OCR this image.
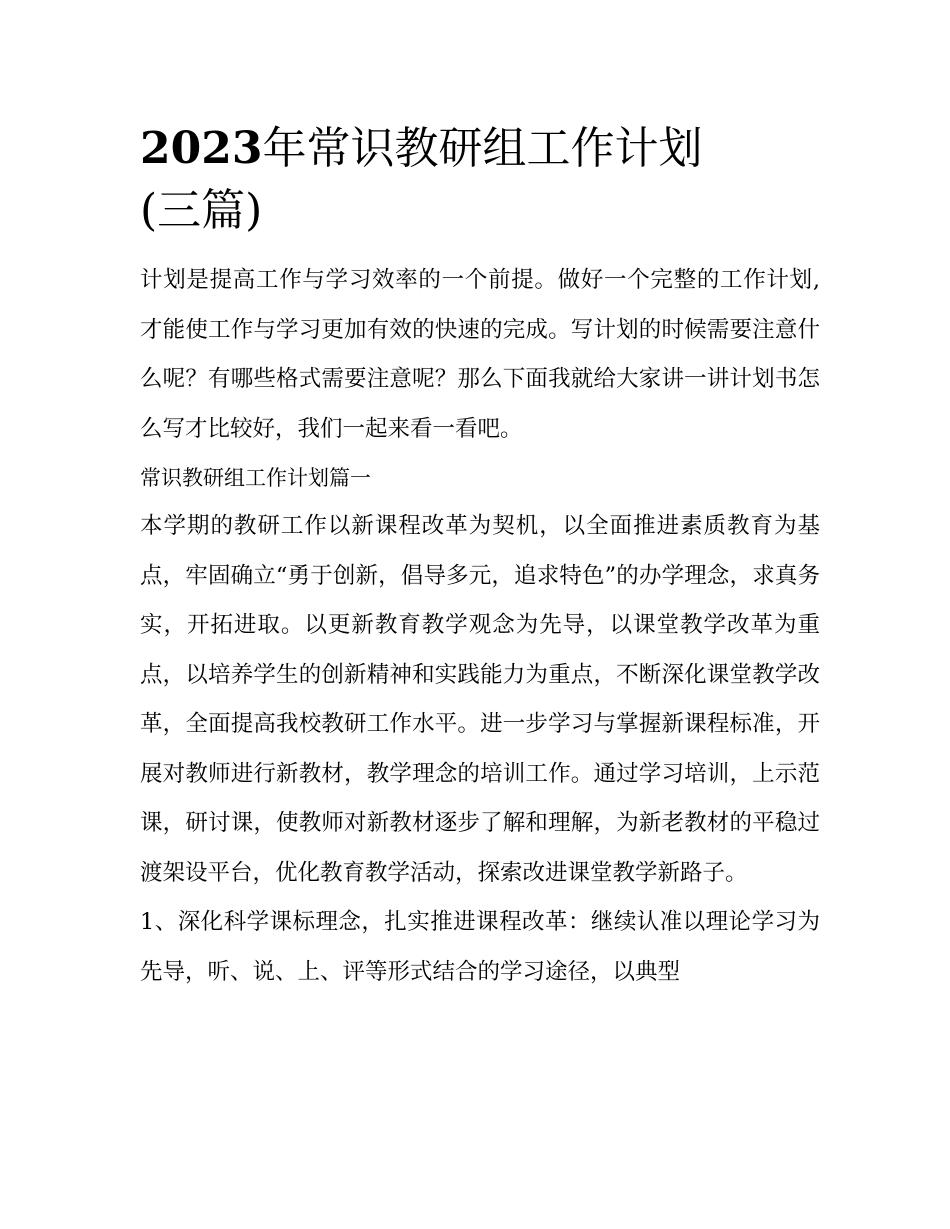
2023年常识教研组工作计划
(三篇)

计划是提高工作与学习效率的一个前提。做好一个完整的工作计划,才能使工作与学习更加有效的快速的完成。写计划的时候需要注意什么呢？有哪些格式需要注意呢？那么下面我就给大家讲一讲计划书怎么写才比较好，我们一起来看一看吧。

常识教研组工作计划篇一

本学期的教研工作以新课程改革为契机，以全面推进素质教育为基点，牢固确立“勇于创新，倡导多元，追求特色”的办学理念，求真务实，开拓进取。以更新教育教学观念为先导，以课堂教学改革为重点，以培养学生的创新精神和实践能力为重点，不断深化课堂教学改革，全面提高我校教研工作水平。进一步学习与掌握新课程标准，开展对教师进行新教材，教学理念的培训工作。通过学习培训，上示范课，研讨课，使教师对新教材逐步了解和理解，为新老教材的平稳过渡架设平台，优化教育教学活动，探索改进课堂教学新路子。

1、深化科学课标理念，扎实推进课程改革：继续认准以理论学习为先导，听、说、上、评等形式结合的学习途径，以典型
